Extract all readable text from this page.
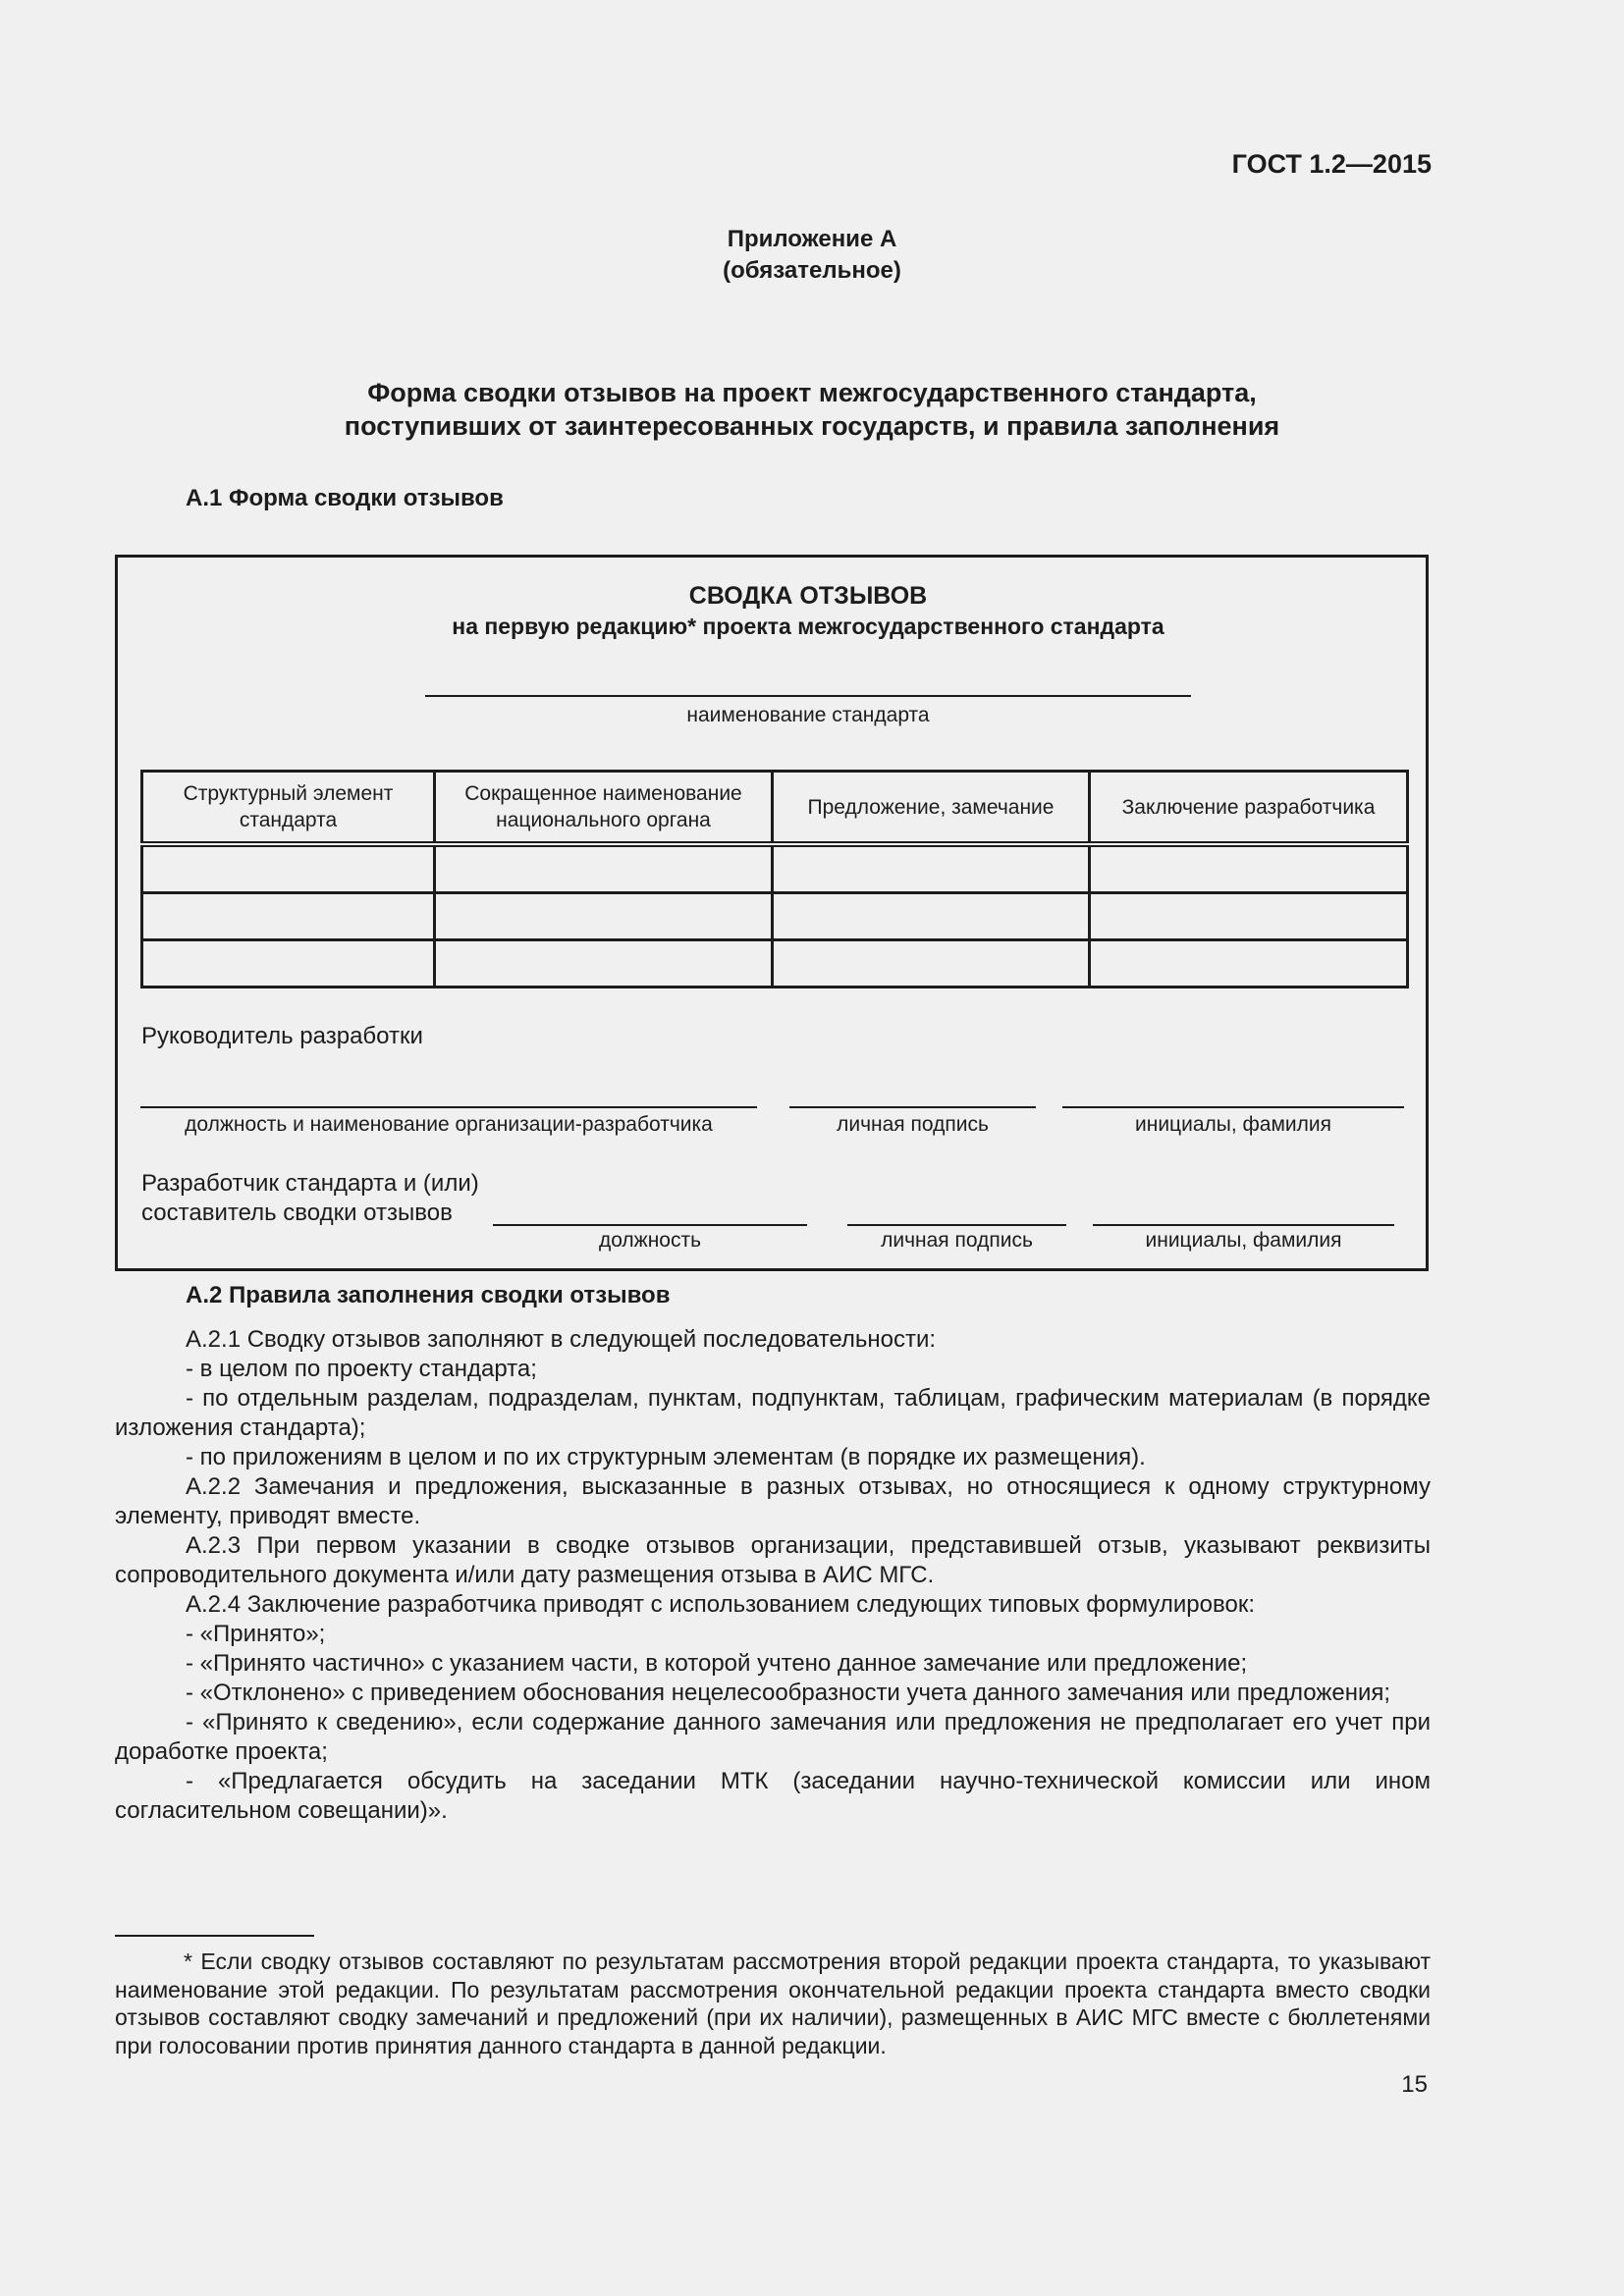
ГОСТ 1.2—2015
Приложение А
(обязательное)
Форма сводки отзывов на проект межгосударственного стандарта,
поступивших от заинтересованных государств, и правила заполнения
А.1 Форма сводки отзывов
СВОДКА ОТЗЫВОВ
на первую редакцию* проекта межгосударственного стандарта
наименование стандарта
Структурный элемент стандарта	Сокращенное наименование национального органа	Предложение, замечание	Заключение разработчика

Руководитель разработки
должность и наименование организации-разработчика	личная подпись	инициалы, фамилия
Разработчик стандарта и (или)
составитель сводки отзывов
должность	личная подпись	инициалы, фамилия
А.2 Правила заполнения сводки отзывов

А.2.1 Сводку отзывов заполняют в следующей последовательности:

- в целом по проекту стандарта;

- по отдельным разделам, подразделам, пунктам, подпунктам, таблицам, графическим материалам (в порядке изложения стандарта);

- по приложениям в целом и по их структурным элементам (в порядке их размещения).

А.2.2 Замечания и предложения, высказанные в разных отзывах, но относящиеся к одному структурному элементу, приводят вместе.

А.2.3 При первом указании в сводке отзывов организации, представившей отзыв, указывают реквизиты сопроводительного документа и/или дату размещения отзыва в АИС МГС.

А.2.4 Заключение разработчика приводят с использованием следующих типовых формулировок:

- «Принято»;

- «Принято частично» с указанием части, в которой учтено данное замечание или предложение;

- «Отклонено» с приведением обоснования нецелесообразности учета данного замечания или предложения;

- «Принято к сведению», если содержание данного замечания или предложения не предполагает его учет при доработке проекта;

- «Предлагается обсудить на заседании МТК (заседании научно-технической комиссии или ином согласительном совещании)».

* Если сводку отзывов составляют по результатам рассмотрения второй редакции проекта стандарта, то указывают наименование этой редакции. По результатам рассмотрения окончательной редакции проекта стандарта вместо сводки отзывов составляют сводку замечаний и предложений (при их наличии), размещенных в АИС МГС вместе с бюллетенями при голосовании против принятия данного стандарта в данной редакции.

15
